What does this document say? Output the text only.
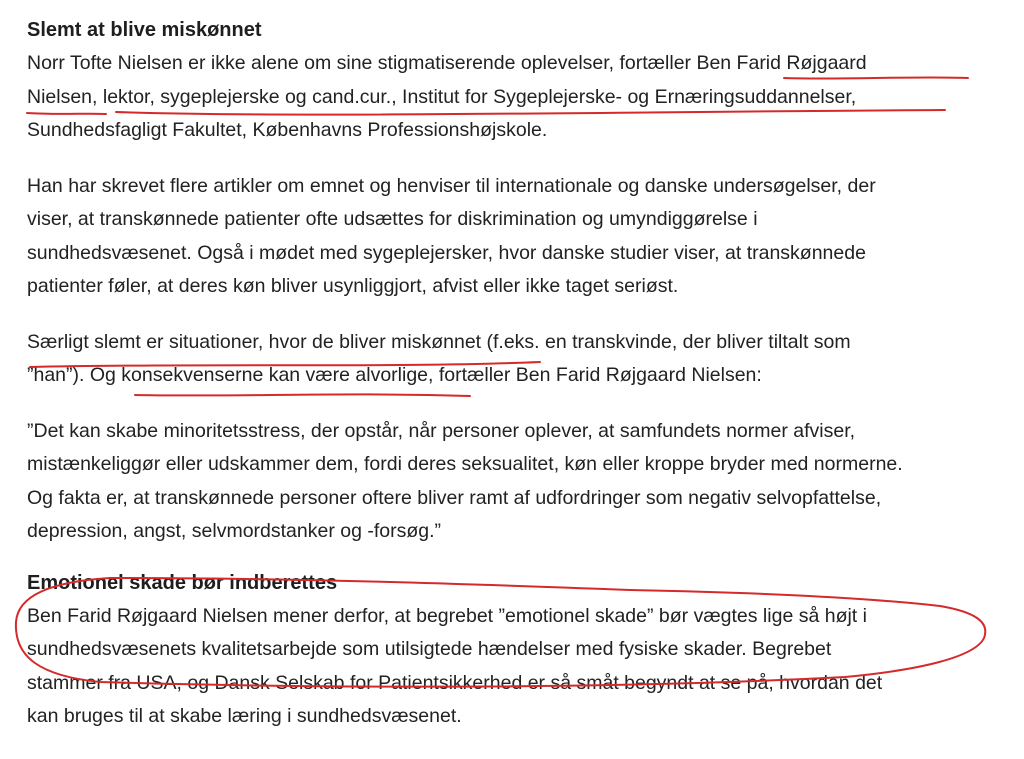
Slemt at blive miskønnet

Norr Tofte Nielsen er ikke alene om sine stigmatiserende oplevelser, fortæller Ben Farid Røjgaard

Nielsen, lektor, sygeplejerske og cand.cur., Institut for Sygeplejerske- og Ernæringsuddannelser,

Sundhedsfagligt Fakultet, Københavns Professionshøjskole.

Han har skrevet flere artikler om emnet og henviser til internationale og danske undersøgelser, der

viser, at transkønnede patienter ofte udsættes for diskrimination og umyndiggørelse i

sundhedsvæsenet. Også i mødet med sygeplejersker, hvor danske studier viser, at transkønnede

patienter føler, at deres køn bliver usynliggjort, afvist eller ikke taget seriøst.

Særligt slemt er situationer, hvor de bliver miskønnet (f.eks. en transkvinde, der bliver tiltalt som

”han”). Og konsekvenserne kan være alvorlige, fortæller Ben Farid Røjgaard Nielsen:

”Det kan skabe minoritetsstress, der opstår, når personer oplever, at samfundets normer afviser,

mistænkeliggør eller udskammer dem, fordi deres seksualitet, køn eller kroppe bryder med normerne.

Og fakta er, at transkønnede personer oftere bliver ramt af udfordringer som negativ selvopfattelse,

depression, angst, selvmordstanker og -forsøg.”

Emotionel skade bør indberettes

Ben Farid Røjgaard Nielsen mener derfor, at begrebet ”emotionel skade” bør vægtes lige så højt i

sundhedsvæsenets kvalitetsarbejde som utilsigtede hændelser med fysiske skader. Begrebet

stammer fra USA, og Dansk Selskab for Patientsikkerhed er så småt begyndt at se på, hvordan det

kan bruges til at skabe læring i sundhedsvæsenet.
